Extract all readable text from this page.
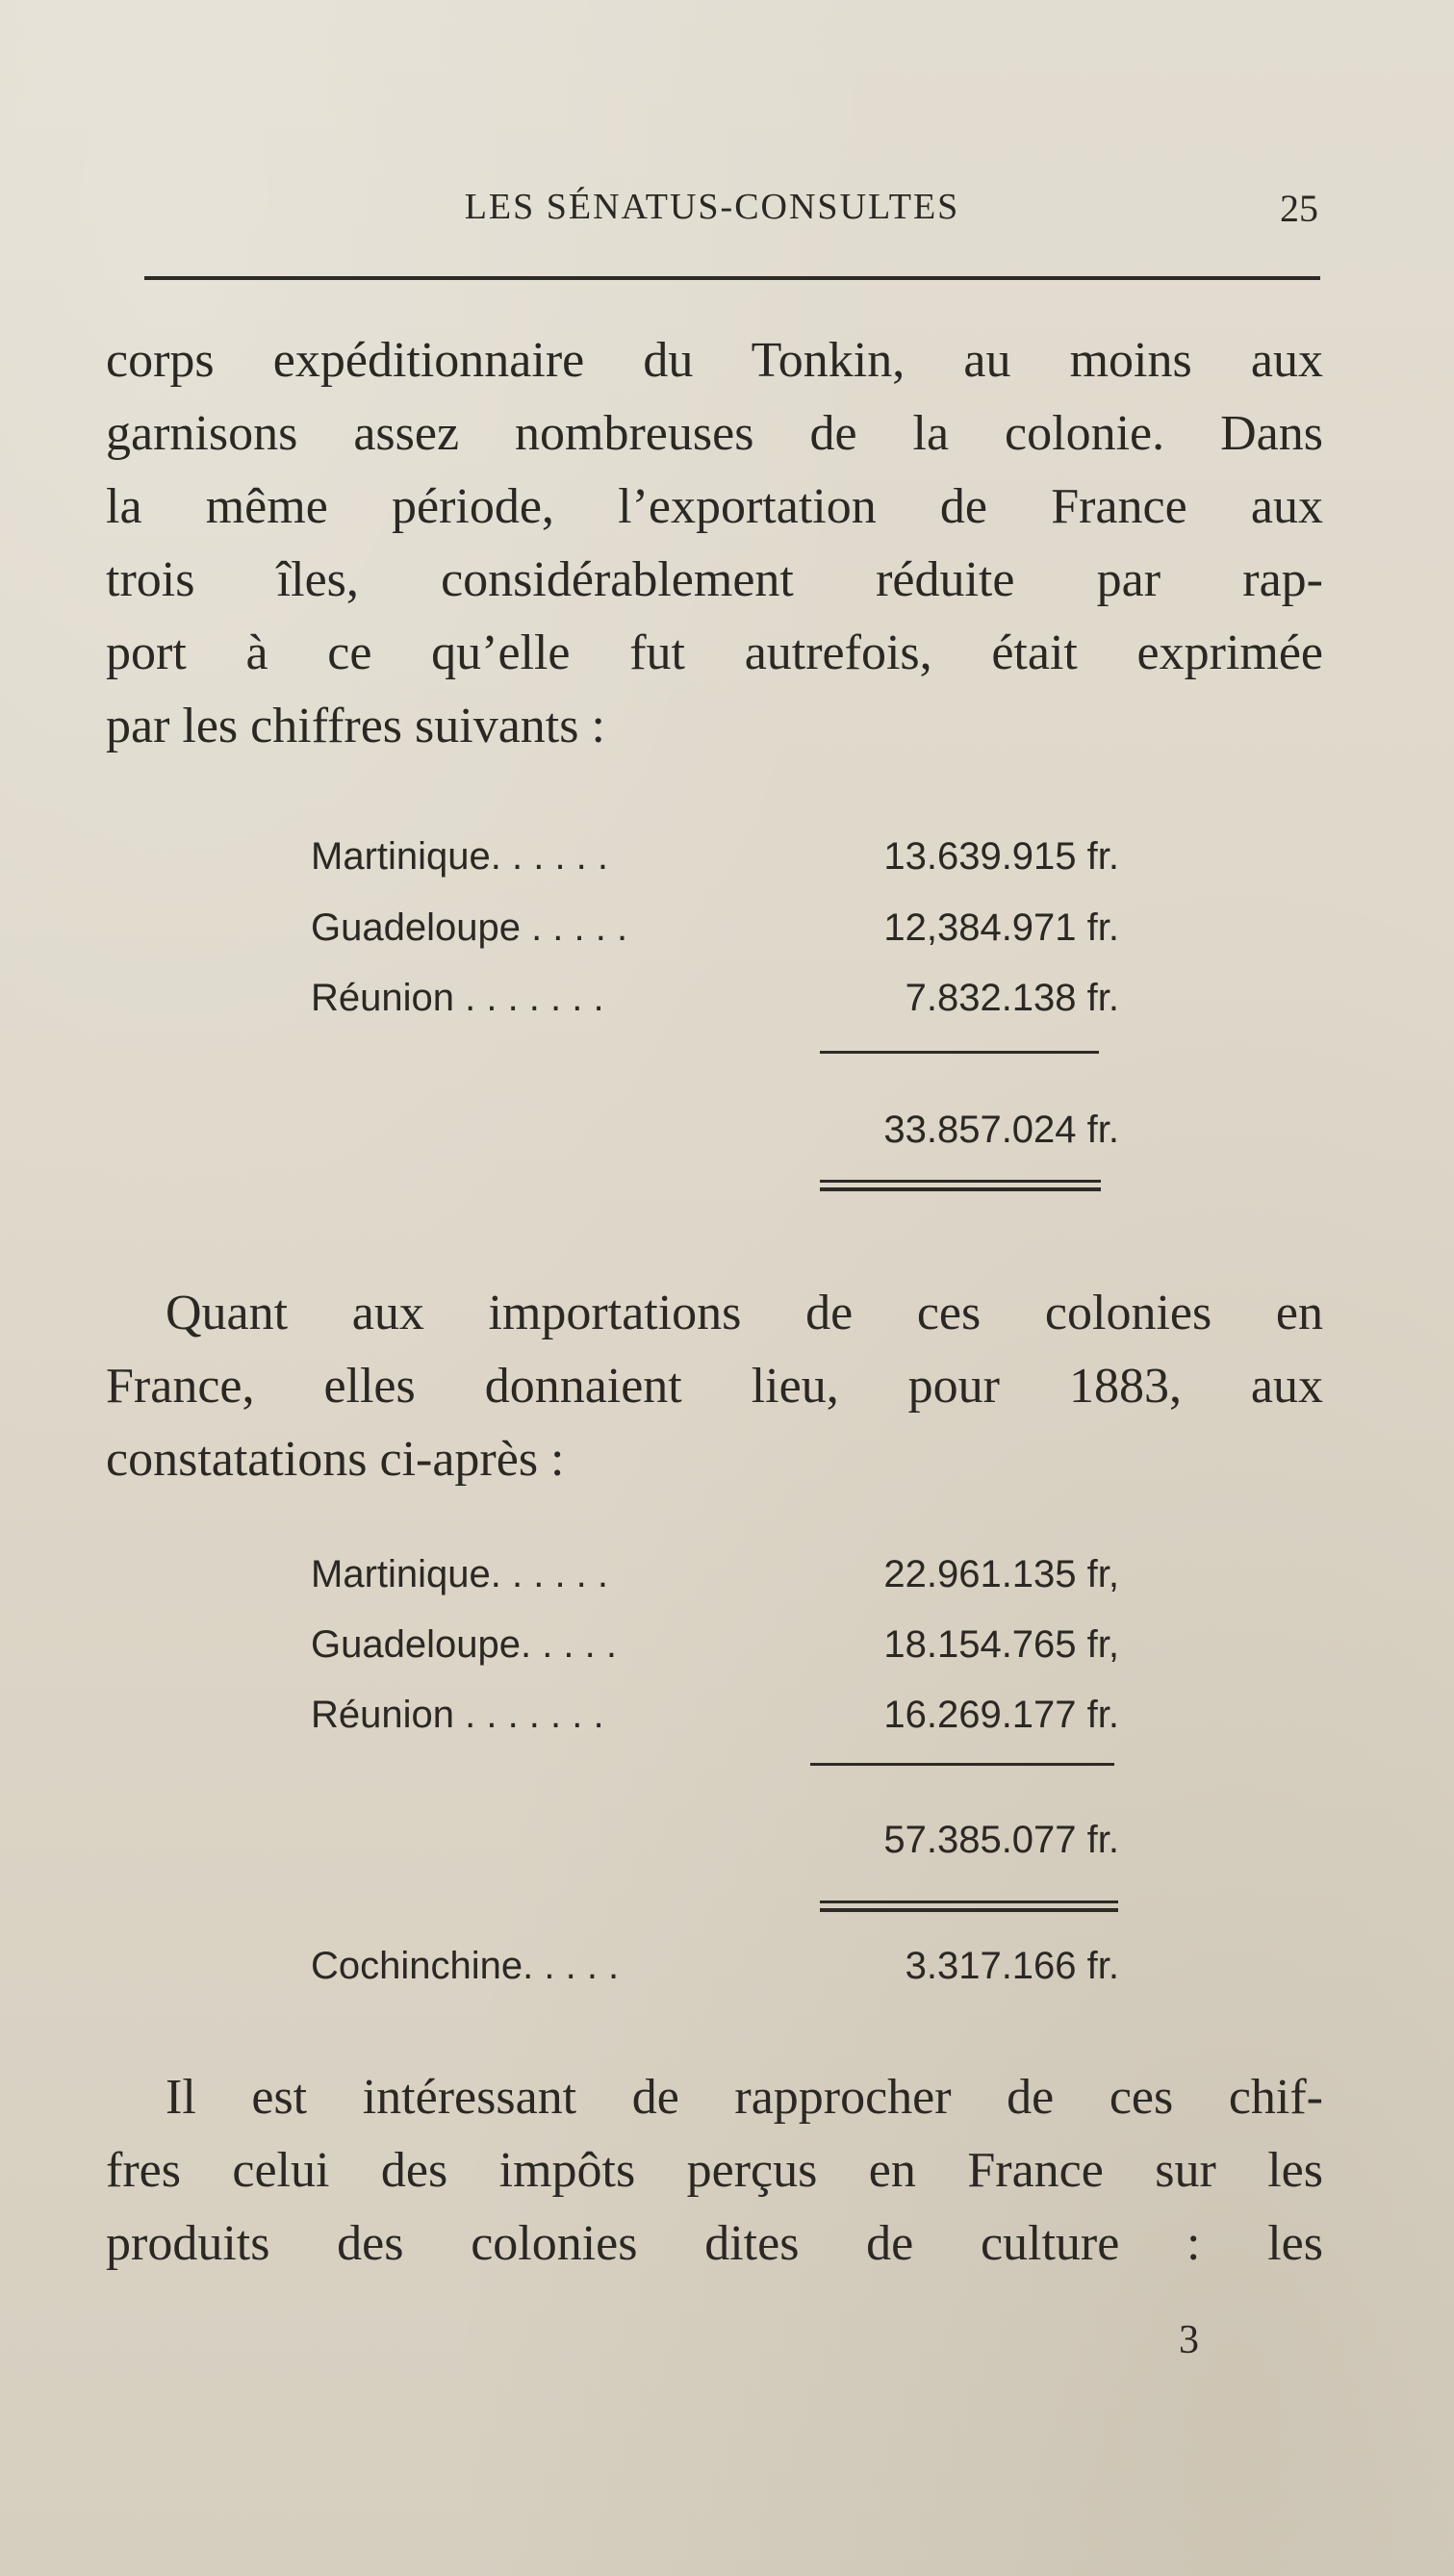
LES SÉNATUS-CONSULTES	25
corps expéditionnaire du Tonkin, au moins aux
garnisons assez nombreuses de la colonie. Dans
la même période, l’exportation de France aux
trois îles, considérablement réduite par rap-
port à ce qu’elle fut autrefois, était exprimée
par les chiffres suivants :
Martinique. . . . . .	13.639.915 fr.
Guadeloupe . . . . .	12,384.971 fr.
Réunion . . . . . . .	7.832.138 fr.
33.857.024 fr.
Quant aux importations de ces colonies en
France, elles donnaient lieu, pour 1883, aux
constatations ci-après :
Martinique. . . . . .	22.961.135 fr,
Guadeloupe. . . . .	18.154.765 fr,
Réunion . . . . . . .	16.269.177 fr.
57.385.077 fr.
Cochinchine. . . . .	3.317.166 fr.
Il est intéressant de rapprocher de ces chif-
fres celui des impôts perçus en France sur les
produits des colonies dites de culture : les
3
